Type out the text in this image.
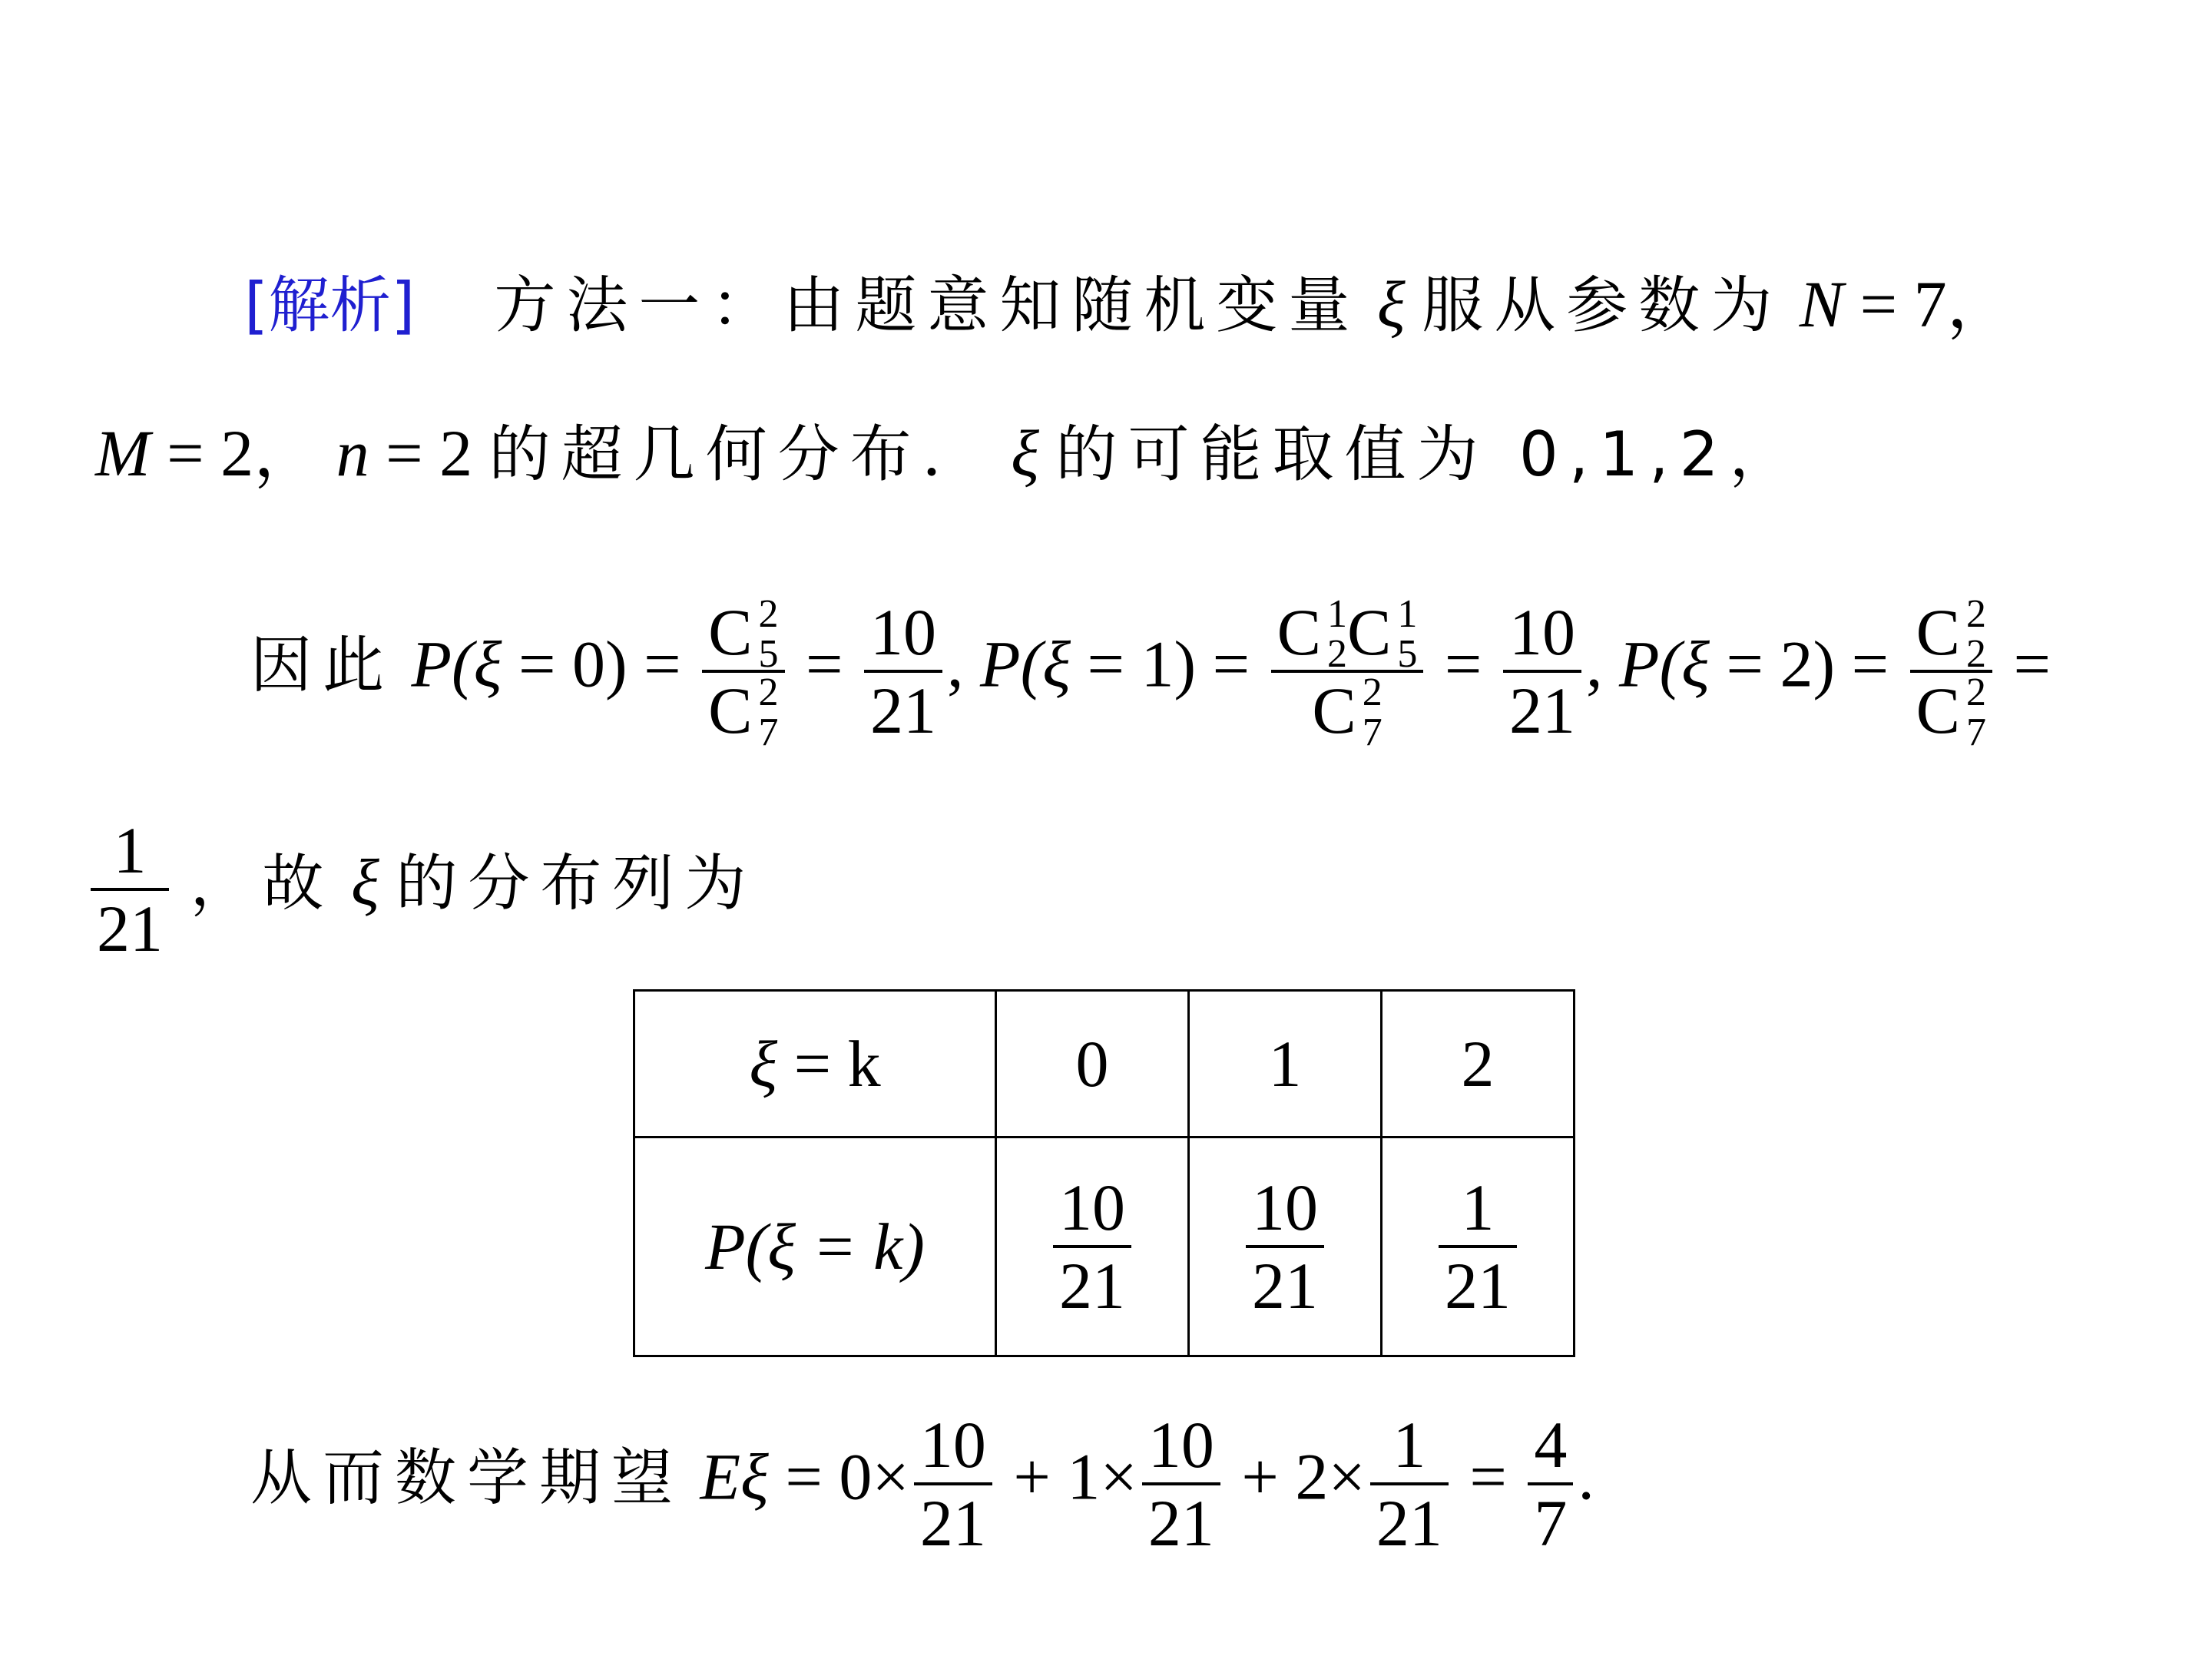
[解析] 方法一：由题意知随机变量 ξ 服从参数为 N = 7，
M = 2， n = 2 的超几何分布． ξ 的可能取值为 0,1,2，
因此 P(ξ = 0) = C 2
5
C 2
$7 = \frac{10}{21}$ , P(ξ = 1) = C 1
2 C 1
5
C 2
$7 = \frac{10}{21}$ , P(ξ = 2) = C 2
2
C 2
7 =
$\frac{1}{21}$ ，故 ξ 的分布列为
ξ = k	0	1	2
P(ξ = k)	$\frac{10}{21}$	$\frac{10}{21}$	$\frac{1}{21}$
从而数学期望 $E\xi = 0\times \frac{10}{21} + 1\times \frac{10}{21} + 2\times \frac{1}{21} = \frac{4}{7}$ .
